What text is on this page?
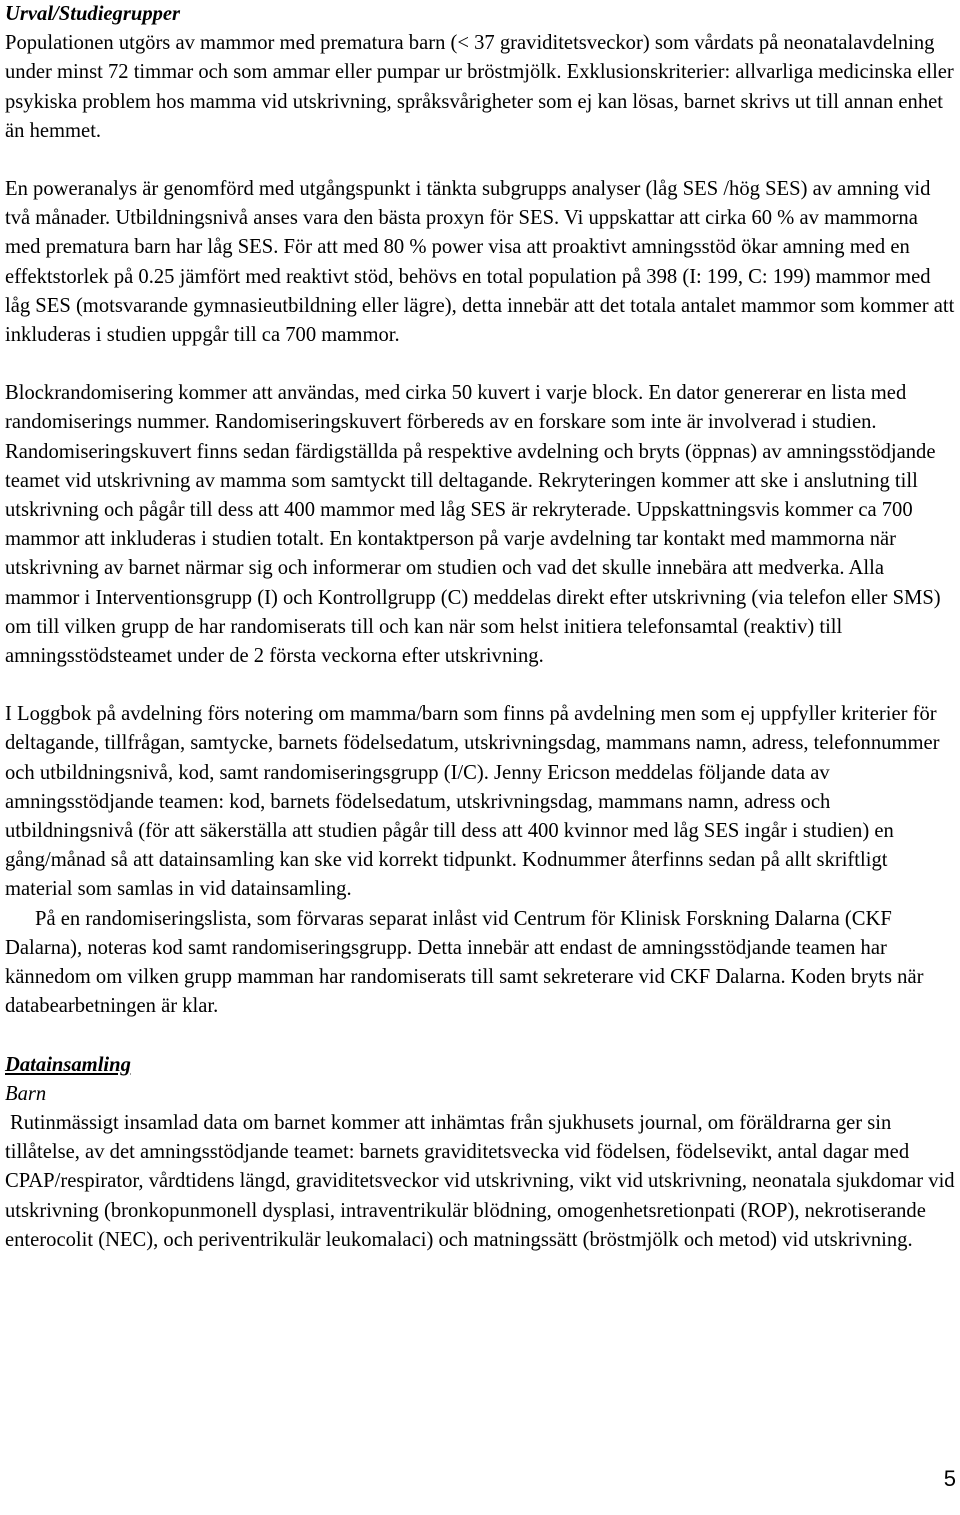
Urval/Studiegrupper

Populationen utgörs av mammor med prematura barn (< 37 graviditetsveckor) som vårdats på neonatalavdelning under minst 72 timmar och som ammar eller pumpar ur bröstmjölk. Exklusionskriterier: allvarliga medicinska eller psykiska problem hos mamma vid utskrivning, språksvårigheter som ej kan lösas, barnet skrivs ut till annan enhet än hemmet.

En poweranalys är genomförd med utgångspunkt i tänkta subgrupps analyser (låg SES /hög SES) av amning vid två månader. Utbildningsnivå anses vara den bästa proxyn för SES. Vi uppskattar att cirka 60 % av mammorna med prematura barn har låg SES. För att med 80 % power visa att proaktivt amningsstöd ökar amning med en effektstorlek på 0.25 jämfört med reaktivt stöd, behövs en total population på 398 (I: 199, C: 199) mammor med låg SES (motsvarande gymnasieutbildning eller lägre), detta innebär att det totala antalet mammor som kommer att inkluderas i studien uppgår till ca 700 mammor.

Blockrandomisering kommer att användas, med cirka 50 kuvert i varje block. En dator genererar en lista med randomiserings nummer. Randomiseringskuvert förbereds av en forskare som inte är involverad i studien. Randomiseringskuvert finns sedan färdigställda på respektive avdelning och bryts (öppnas) av amningsstödjande teamet vid utskrivning av mamma som samtyckt till deltagande. Rekryteringen kommer att ske i anslutning till utskrivning och pågår till dess att 400 mammor med låg SES är rekryterade. Uppskattningsvis kommer ca 700 mammor att inkluderas i studien totalt. En kontaktperson på varje avdelning tar kontakt med mammorna när utskrivning av barnet närmar sig och informerar om studien och vad det skulle innebära att medverka. Alla mammor i Interventionsgrupp (I) och Kontrollgrupp (C) meddelas direkt efter utskrivning (via telefon eller SMS) om till vilken grupp de har randomiserats till och kan när som helst initiera telefonsamtal (reaktiv) till amningsstödsteamet under de 2 första veckorna efter utskrivning.

I Loggbok på avdelning förs notering om mamma/barn som finns på avdelning men som ej uppfyller kriterier för deltagande, tillfrågan, samtycke, barnets födelsedatum, utskrivningsdag, mammans namn, adress, telefonnummer och utbildningsnivå, kod, samt randomiseringsgrupp (I/C). Jenny Ericson meddelas följande data av amningsstödjande teamen: kod, barnets födelsedatum, utskrivningsdag, mammans namn, adress och utbildningsnivå (för att säkerställa att studien pågår till dess att 400 kvinnor med låg SES ingår i studien) en gång/månad så att datainsamling kan ske vid korrekt tidpunkt. Kodnummer återfinns sedan på allt skriftligt material som samlas in vid datainsamling.

På en randomiseringslista, som förvaras separat inlåst vid Centrum för Klinisk Forskning Dalarna (CKF Dalarna), noteras kod samt randomiseringsgrupp. Detta innebär att endast de amningsstödjande teamen har kännedom om vilken grupp mamman har randomiserats till samt sekreterare vid CKF Dalarna. Koden bryts när databearbetningen är klar.

Datainsamling

Barn

Rutinmässigt insamlad data om barnet kommer att inhämtas från sjukhusets journal, om föräldrarna ger sin tillåtelse, av det amningsstödjande teamet: barnets graviditetsvecka vid födelsen, födelsevikt, antal dagar med CPAP/respirator, vårdtidens längd, graviditetsveckor vid utskrivning, vikt vid utskrivning, neonatala sjukdomar vid utskrivning (bronkopunmonell dysplasi, intraventrikulär blödning, omogenhetsretionpati (ROP), nekrotiserande enterocolit (NEC), och periventrikulär leukomalaci) och matningssätt (bröstmjölk och metod) vid utskrivning.

5
